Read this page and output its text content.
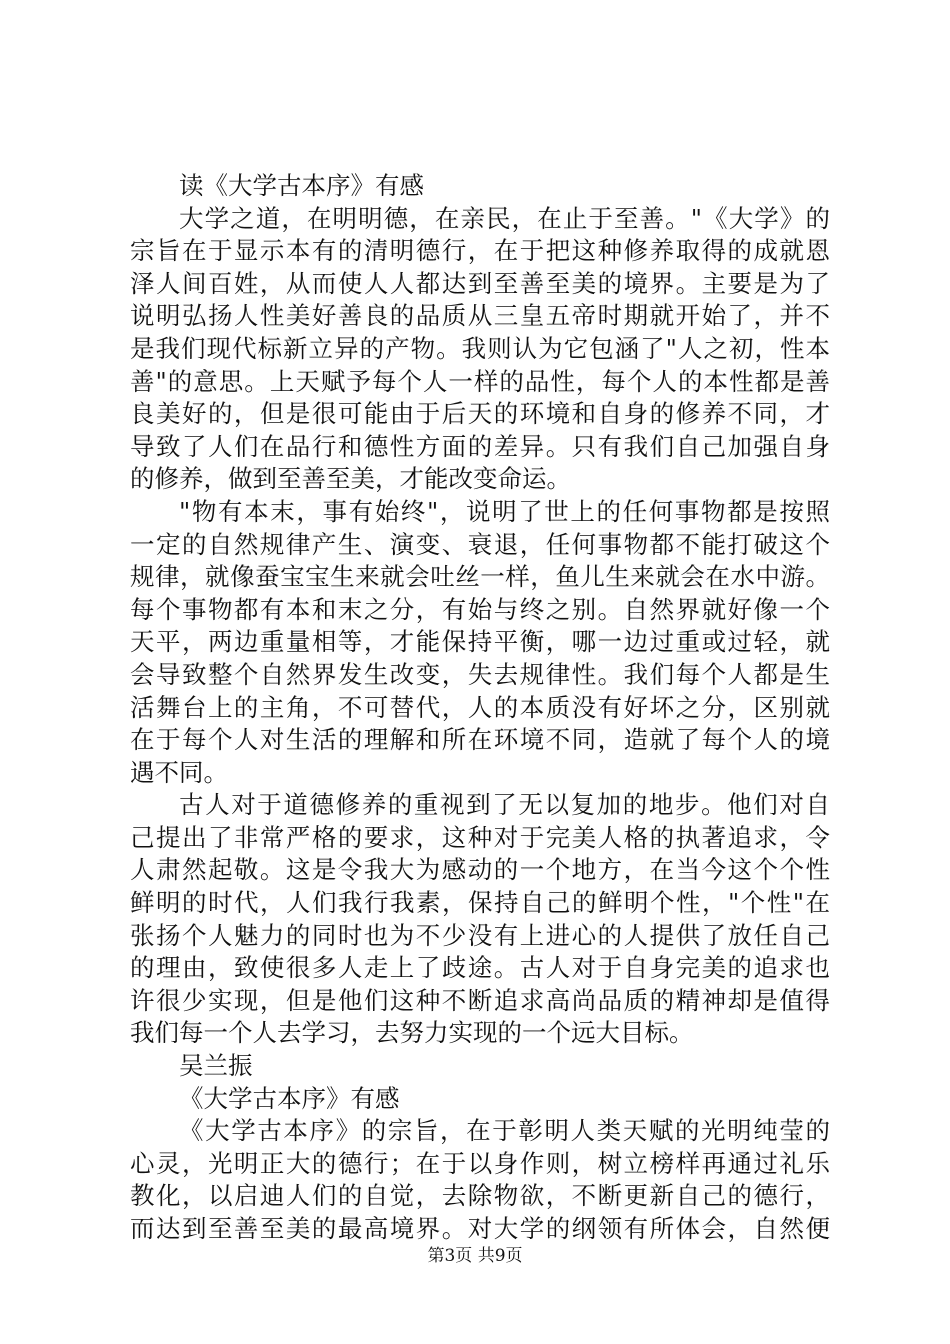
读《大学古本序》有感
大学之道，在明明德，在亲民，在止于至善。"《大学》的
宗旨在于显示本有的清明德行，在于把这种修养取得的成就恩
泽人间百姓，从而使人人都达到至善至美的境界。主要是为了
说明弘扬人性美好善良的品质从三皇五帝时期就开始了，并不
是我们现代标新立异的产物。我则认为它包涵了"人之初，性本
善"的意思。上天赋予每个人一样的品性，每个人的本性都是善
良美好的，但是很可能由于后天的环境和自身的修养不同，才
导致了人们在品行和德性方面的差异。只有我们自己加强自身
的修养，做到至善至美，才能改变命运。
"物有本末，事有始终"，说明了世上的任何事物都是按照
一定的自然规律产生、演变、衰退，任何事物都不能打破这个
规律，就像蚕宝宝生来就会吐丝一样，鱼儿生来就会在水中游。
每个事物都有本和末之分，有始与终之别。自然界就好像一个
天平，两边重量相等，才能保持平衡，哪一边过重或过轻，就
会导致整个自然界发生改变，失去规律性。我们每个人都是生
活舞台上的主角，不可替代，人的本质没有好坏之分，区别就
在于每个人对生活的理解和所在环境不同，造就了每个人的境
遇不同。
古人对于道德修养的重视到了无以复加的地步。他们对自
己提出了非常严格的要求，这种对于完美人格的执著追求，令
人肃然起敬。这是令我大为感动的一个地方，在当今这个个性
鲜明的时代，人们我行我素，保持自己的鲜明个性，"个性"在
张扬个人魅力的同时也为不少没有上进心的人提供了放任自己
的理由，致使很多人走上了歧途。古人对于自身完美的追求也
许很少实现，但是他们这种不断追求高尚品质的精神却是值得
我们每一个人去学习，去努力实现的一个远大目标。
吴兰振
《大学古本序》有感
《大学古本序》的宗旨，在于彰明人类天赋的光明纯莹的
心灵，光明正大的德行；在于以身作则，树立榜样再通过礼乐
教化，以启迪人们的自觉，去除物欲，不断更新自己的德行，
而达到至善至美的最高境界。对大学的纲领有所体会，自然便
第3页 共9页
